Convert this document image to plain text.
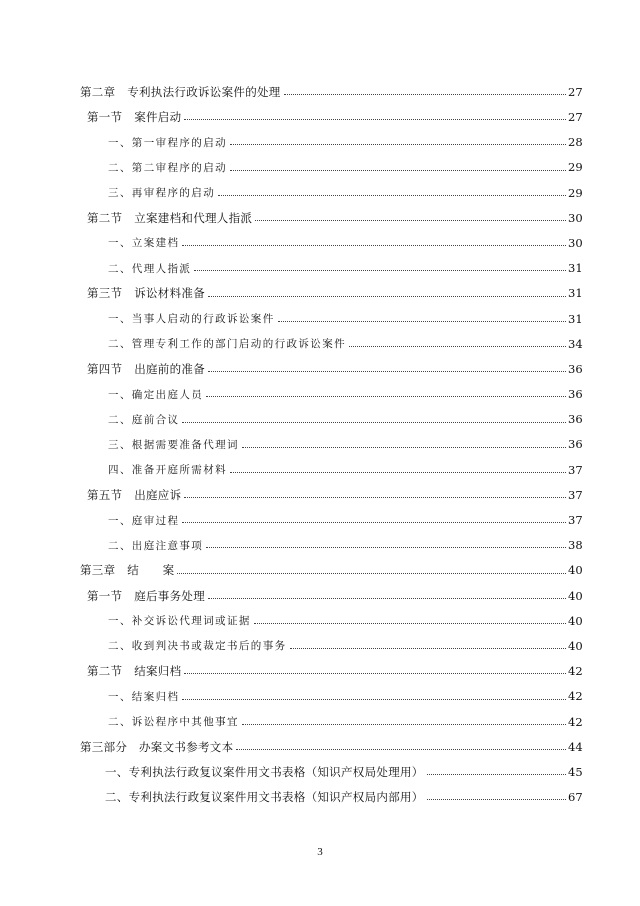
第二章　专利执法行政诉讼案件的处理	27
第一节　案件启动	27
一、第一审程序的启动	28
二、第二审程序的启动	29
三、再审程序的启动	29
第二节　立案建档和代理人指派	30
一、立案建档	30
二、代理人指派	31
第三节　诉讼材料准备	31
一、当事人启动的行政诉讼案件	31
二、管理专利工作的部门启动的行政诉讼案件	34
第四节　出庭前的准备	36
一、确定出庭人员	36
二、庭前合议	36
三、根据需要准备代理词	36
四、准备开庭所需材料	37
第五节　出庭应诉	37
一、庭审过程	37
二、出庭注意事项	38
第三章　结　　案	40
第一节　庭后事务处理	40
一、补交诉讼代理词或证据	40
二、收到判决书或裁定书后的事务	40
第二节　结案归档	42
一、结案归档	42
二、诉讼程序中其他事宜	42
第三部分　办案文书参考文本	44
一、专利执法行政复议案件用文书表格（知识产权局处理用）	45
二、专利执法行政复议案件用文书表格（知识产权局内部用）	67
3
